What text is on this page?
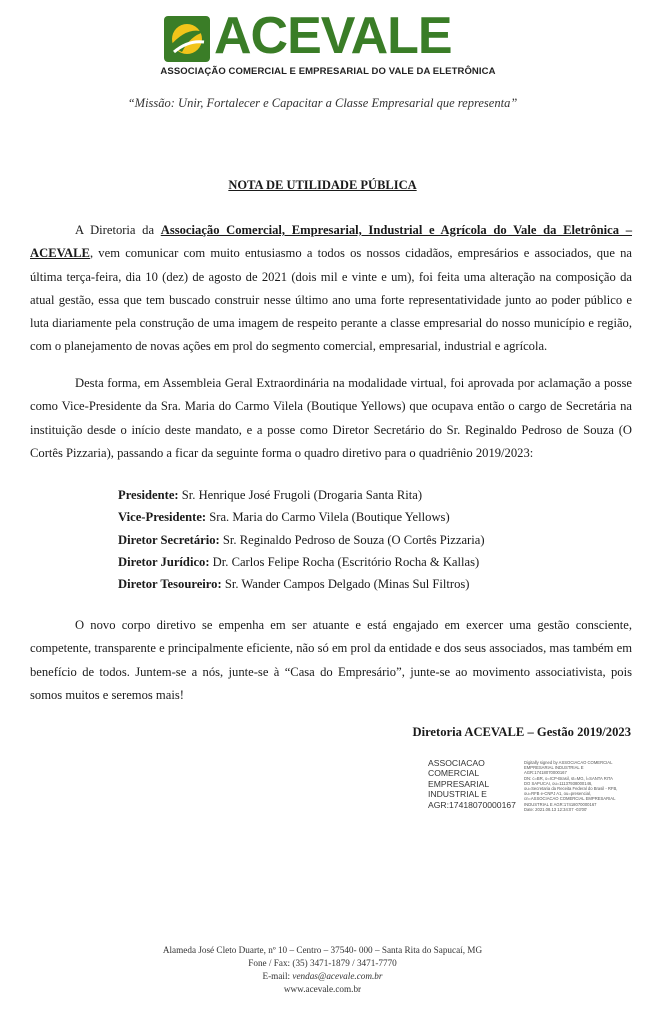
ACEVALE
ASSOCIAÇÃO COMERCIAL E EMPRESARIAL DO VALE DA ELETRÔNICA
“Missão: Unir, Fortalecer e Capacitar a Classe Empresarial que representa”
NOTA DE UTILIDADE PÚBLICA

A Diretoria da Associação Comercial, Empresarial, Industrial e Agrícola do Vale da Eletrônica – ACEVALE, vem comunicar com muito entusiasmo a todos os nossos cidadãos, empresários e associados, que na última terça-feira, dia 10 (dez) de agosto de 2021 (dois mil e vinte e um), foi feita uma alteração na composição da atual gestão, essa que tem buscado construir nesse último ano uma forte representatividade junto ao poder público e luta diariamente pela construção de uma imagem de respeito perante a classe empresarial do nosso município e região, com o planejamento de novas ações em prol do segmento comercial, empresarial, industrial e agrícola.

Desta forma, em Assembleia Geral Extraordinária na modalidade virtual, foi aprovada por aclamação a posse como Vice-Presidente da Sra. Maria do Carmo Vilela (Boutique Yellows) que ocupava então o cargo de Secretária na instituição desde o início deste mandato, e a posse como Diretor Secretário do Sr. Reginaldo Pedroso de Souza (O Cortês Pizzaria), passando a ficar da seguinte forma o quadro diretivo para o quadriênio 2019/2023:

Presidente: Sr. Henrique José Frugoli (Drogaria Santa Rita)
Vice-Presidente: Sra. Maria do Carmo Vilela (Boutique Yellows)
Diretor Secretário: Sr. Reginaldo Pedroso de Souza (O Cortês Pizzaria)
Diretor Jurídico: Dr. Carlos Felipe Rocha (Escritório Rocha & Kallas)
Diretor Tesoureiro: Sr. Wander Campos Delgado (Minas Sul Filtros)

O novo corpo diretivo se empenha em ser atuante e está engajado em exercer uma gestão consciente, competente, transparente e principalmente eficiente, não só em prol da entidade e dos seus associados, mas também em benefício de todos. Juntem-se a nós, junte-se à “Casa do Empresário”, junte-se ao movimento associativista, pois somos muitos e seremos mais!

Diretoria ACEVALE – Gestão 2019/2023
ASSOCIACAO
COMERCIAL
EMPRESARIAL
INDUSTRIAL E
AGR:17418070000167
Digitally signed by ASSOCIACAO COMERCIAL
EMPRESARIAL INDUSTRIAL E
AGR:17418070000167
DN: c=BR, o=ICP-Brasil, st=MG, l=SANTA RITA
DO SAPUCAI, ou=11137938000146,
ou=Secretaria da Receita Federal do Brasil - RFB,
ou=RFB e-CNPJ A1, ou=presencial,
cn=ASSOCIACAO COMERCIAL EMPRESARIAL
INDUSTRIAL E AGR:17418070000167
Date: 2021.08.13 12:34:07 -03'00'
Alameda José Cleto Duarte, nº 10 – Centro – 37540- 000 – Santa Rita do Sapucaí, MG
Fone / Fax: (35) 3471-1879 / 3471-7770
E-mail: vendas@acevale.com.br
www.acevale.com.br
